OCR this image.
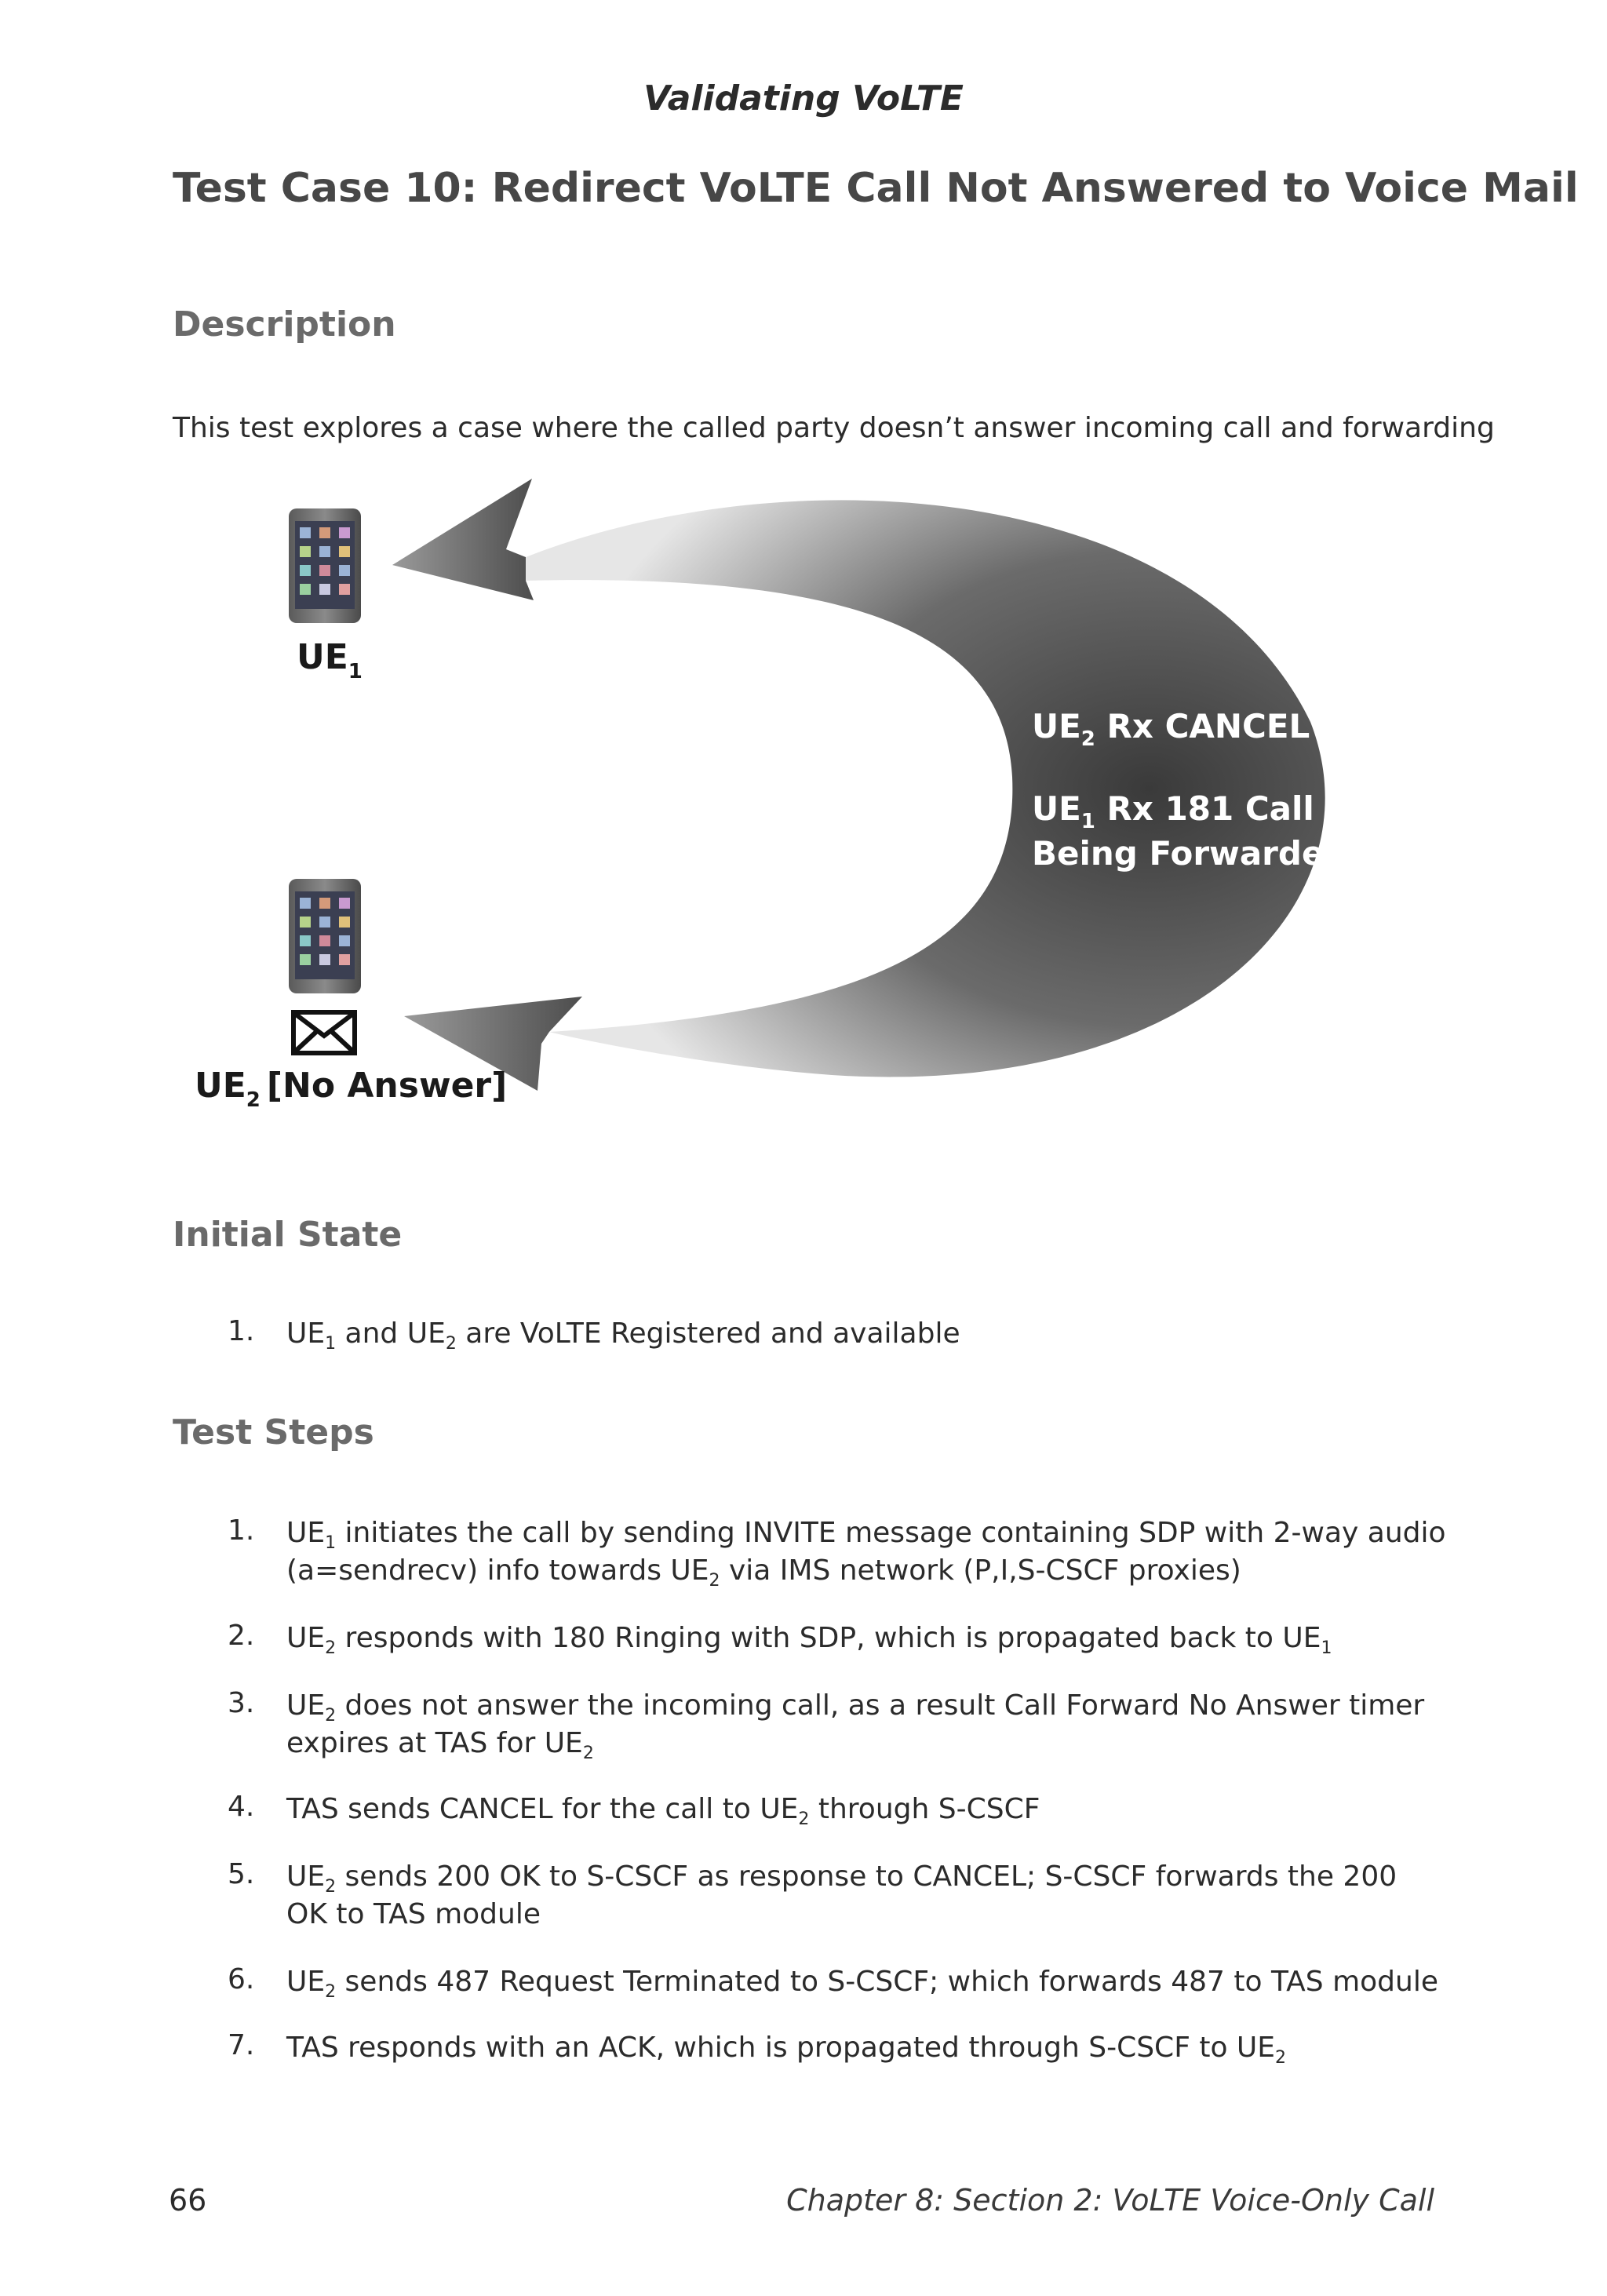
Validating VoLTE
Test Case 10: Redirect VoLTE Call Not Answered to Voice Mail
Description
This test explores a case where the called party doesn’t answer incoming call and forwarding
$UE_2$ Rx CANCEL
$UE_1$ Rx 181 Call is
Being Forwarded
$UE_1$
$UE_2$ [No Answer]
Initial State
1. $UE_1$ and $UE_2$ are VoLTE Registered and available
Test Steps
1. $UE_1$ initiates the call by sending INVITE message containing SDP with 2-way audio
(a=sendrecv) info towards $UE_2$ via IMS network (P,I,S-CSCF proxies)
2. $UE_2$ responds with 180 Ringing with SDP, which is propagated back to $UE_1$
3. $UE_2$ does not answer the incoming call, as a result Call Forward No Answer timer
expires at TAS for $UE_2$
4. TAS sends CANCEL for the call to $UE_2$ through S-CSCF
5. $UE_2$ sends 200 OK to S-CSCF as response to CANCEL; S-CSCF forwards the 200
OK to TAS module
6. $UE_2$ sends 487 Request Terminated to S-CSCF; which forwards 487 to TAS module
7. TAS responds with an ACK, which is propagated through S-CSCF to $UE_2$
66	Chapter 8: Section 2: VoLTE Voice-Only Call
